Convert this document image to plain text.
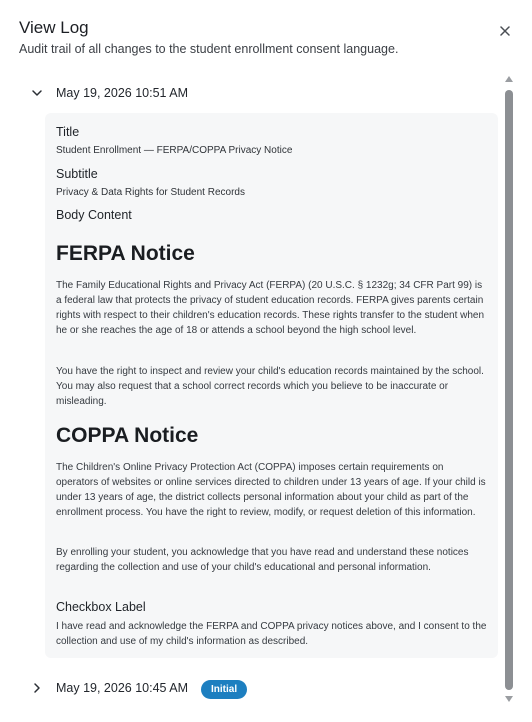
View Log
Audit trail of all changes to the student enrollment consent language.
May 19, 2026 10:51 AM
Title
Student Enrollment — FERPA/COPPA Privacy Notice
Subtitle
Privacy & Data Rights for Student Records
Body Content
FERPA Notice
The Family Educational Rights and Privacy Act (FERPA) (20 U.S.C. § 1232g; 34 CFR Part 99) is a federal law that protects the privacy of student education records. FERPA gives parents certain rights with respect to their children's education records. These rights transfer to the student when he or she reaches the age of 18 or attends a school beyond the high school level.
You have the right to inspect and review your child's education records maintained by the school. You may also request that a school correct records which you believe to be inaccurate or misleading.
COPPA Notice
The Children's Online Privacy Protection Act (COPPA) imposes certain requirements on operators of websites or online services directed to children under 13 years of age. If your child is under 13 years of age, the district collects personal information about your child as part of the enrollment process. You have the right to review, modify, or request deletion of this information.
By enrolling your student, you acknowledge that you have read and understand these notices regarding the collection and use of your child's educational and personal information.
Checkbox Label
I have read and acknowledge the FERPA and COPPA privacy notices above, and I consent to the collection and use of my child's information as described.
May 19, 2026 10:45 AM	Initial
